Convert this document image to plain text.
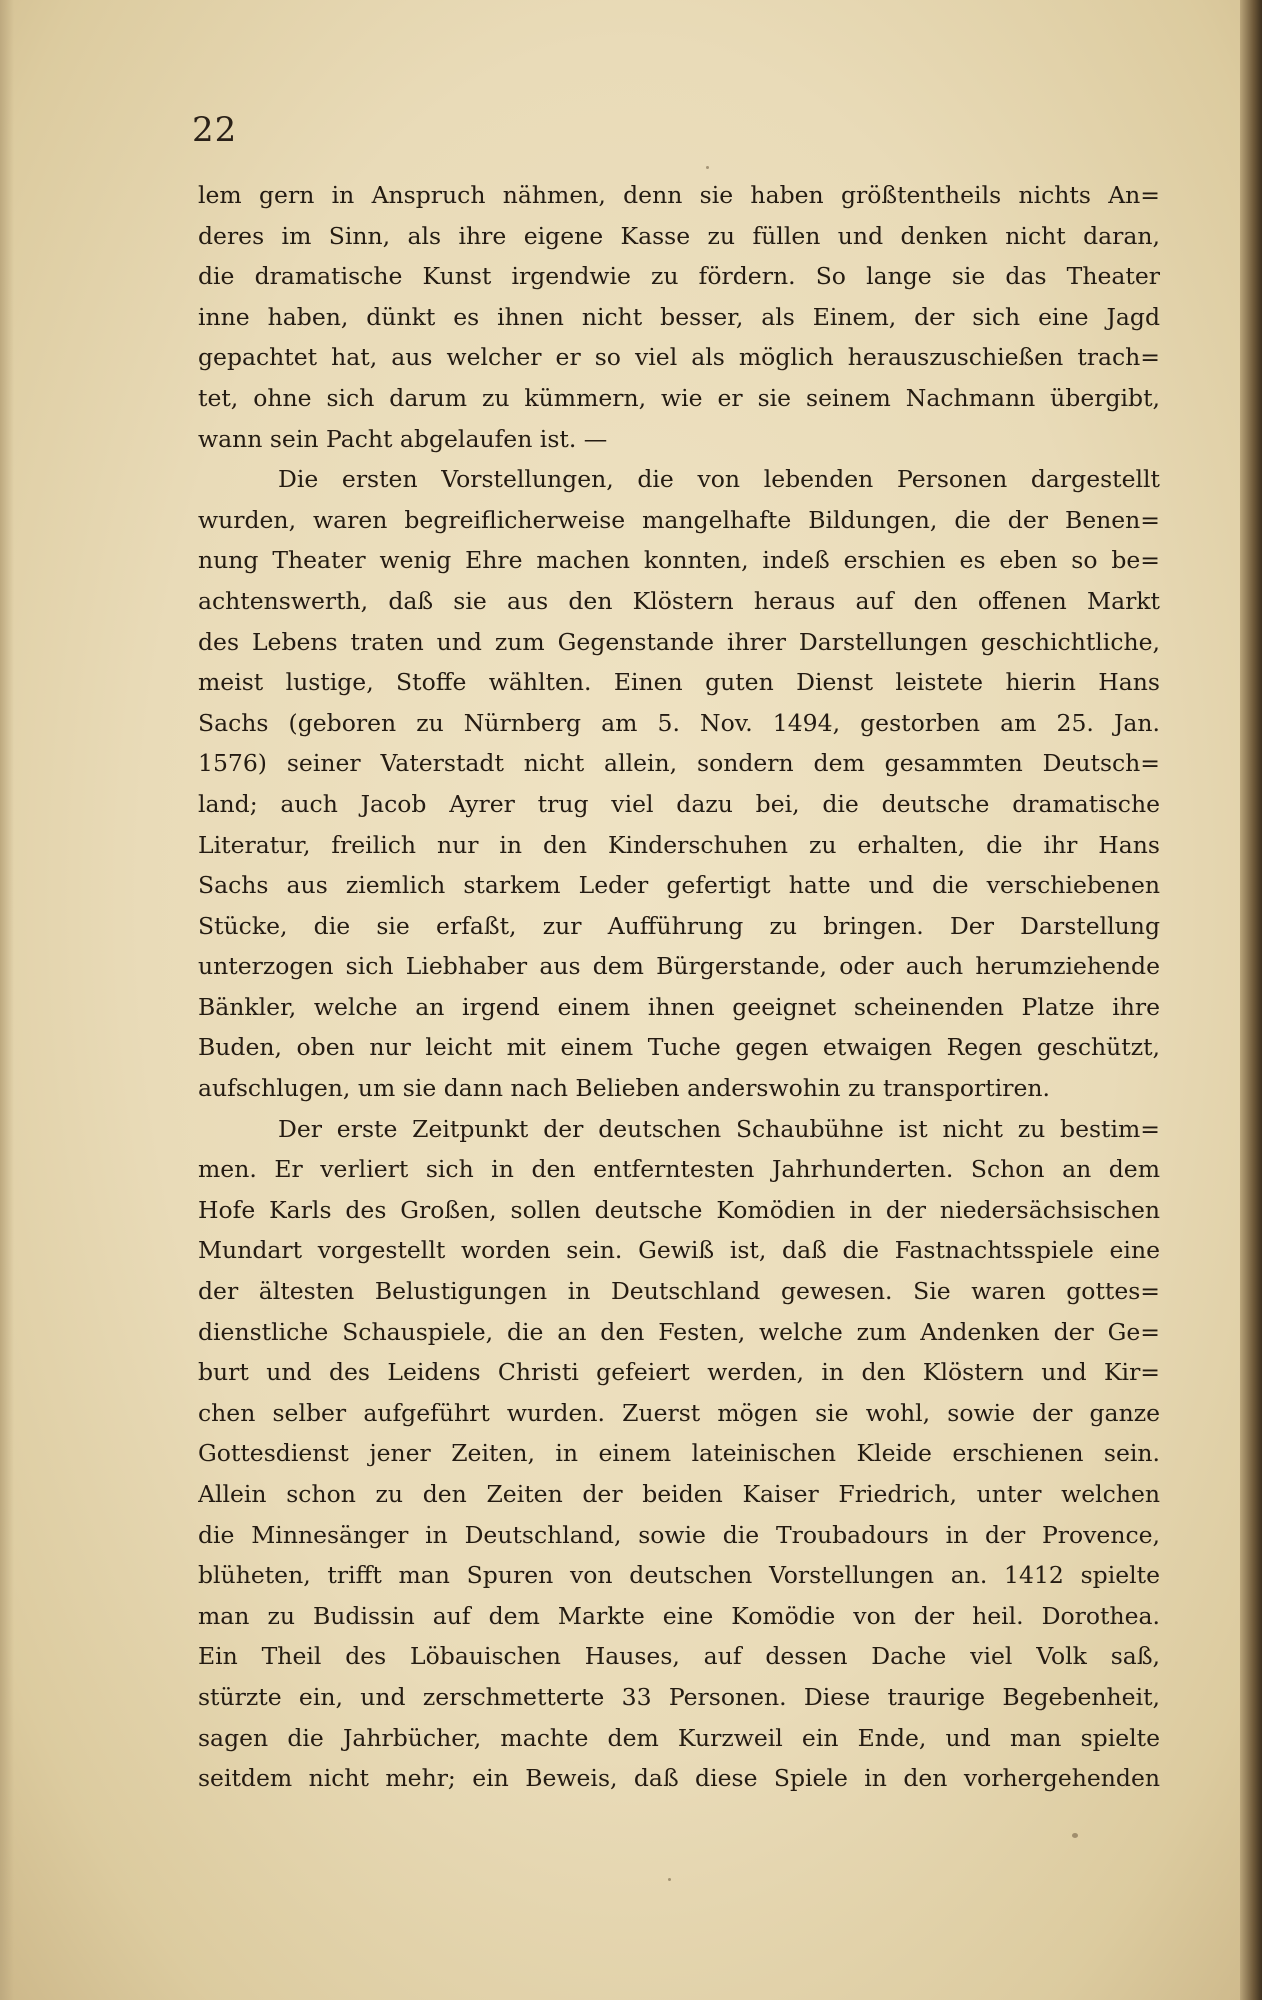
22
lem gern in Anspruch nähmen, denn sie haben größtentheils nichts An=
deres im Sinn, als ihre eigene Kasse zu füllen und denken nicht daran,
die dramatische Kunst irgendwie zu fördern. So lange sie das Theater
inne haben, dünkt es ihnen nicht besser, als Einem, der sich eine Jagd
gepachtet hat, aus welcher er so viel als möglich herauszuschießen trach=
tet, ohne sich darum zu kümmern, wie er sie seinem Nachmann übergibt,
wann sein Pacht abgelaufen ist. —
Die ersten Vorstellungen, die von lebenden Personen dargestellt
wurden, waren begreiflicherweise mangelhafte Bildungen, die der Benen=
nung Theater wenig Ehre machen konnten, indeß erschien es eben so be=
achtenswerth, daß sie aus den Klöstern heraus auf den offenen Markt
des Lebens traten und zum Gegenstande ihrer Darstellungen geschichtliche,
meist lustige, Stoffe wählten. Einen guten Dienst leistete hierin Hans
Sachs (geboren zu Nürnberg am 5. Nov. 1494, gestorben am 25. Jan.
1576) seiner Vaterstadt nicht allein, sondern dem gesammten Deutsch=
land; auch Jacob Ayrer trug viel dazu bei, die deutsche dramatische
Literatur, freilich nur in den Kinderschuhen zu erhalten, die ihr Hans
Sachs aus ziemlich starkem Leder gefertigt hatte und die verschiebenen
Stücke, die sie erfaßt, zur Aufführung zu bringen. Der Darstellung
unterzogen sich Liebhaber aus dem Bürgerstande, oder auch herumziehende
Bänkler, welche an irgend einem ihnen geeignet scheinenden Platze ihre
Buden, oben nur leicht mit einem Tuche gegen etwaigen Regen geschützt,
aufschlugen, um sie dann nach Belieben anderswohin zu transportiren.
Der erste Zeitpunkt der deutschen Schaubühne ist nicht zu bestim=
men. Er verliert sich in den entferntesten Jahrhunderten. Schon an dem
Hofe Karls des Großen, sollen deutsche Komödien in der niedersächsischen
Mundart vorgestellt worden sein. Gewiß ist, daß die Fastnachtsspiele eine
der ältesten Belustigungen in Deutschland gewesen. Sie waren gottes=
dienstliche Schauspiele, die an den Festen, welche zum Andenken der Ge=
burt und des Leidens Christi gefeiert werden, in den Klöstern und Kir=
chen selber aufgeführt wurden. Zuerst mögen sie wohl, sowie der ganze
Gottesdienst jener Zeiten, in einem lateinischen Kleide erschienen sein.
Allein schon zu den Zeiten der beiden Kaiser Friedrich, unter welchen
die Minnesänger in Deutschland, sowie die Troubadours in der Provence,
blüheten, trifft man Spuren von deutschen Vorstellungen an. 1412 spielte
man zu Budissin auf dem Markte eine Komödie von der heil. Dorothea.
Ein Theil des Löbauischen Hauses, auf dessen Dache viel Volk saß,
stürzte ein, und zerschmetterte 33 Personen. Diese traurige Begebenheit,
sagen die Jahrbücher, machte dem Kurzweil ein Ende, und man spielte
seitdem nicht mehr; ein Beweis, daß diese Spiele in den vorhergehenden
